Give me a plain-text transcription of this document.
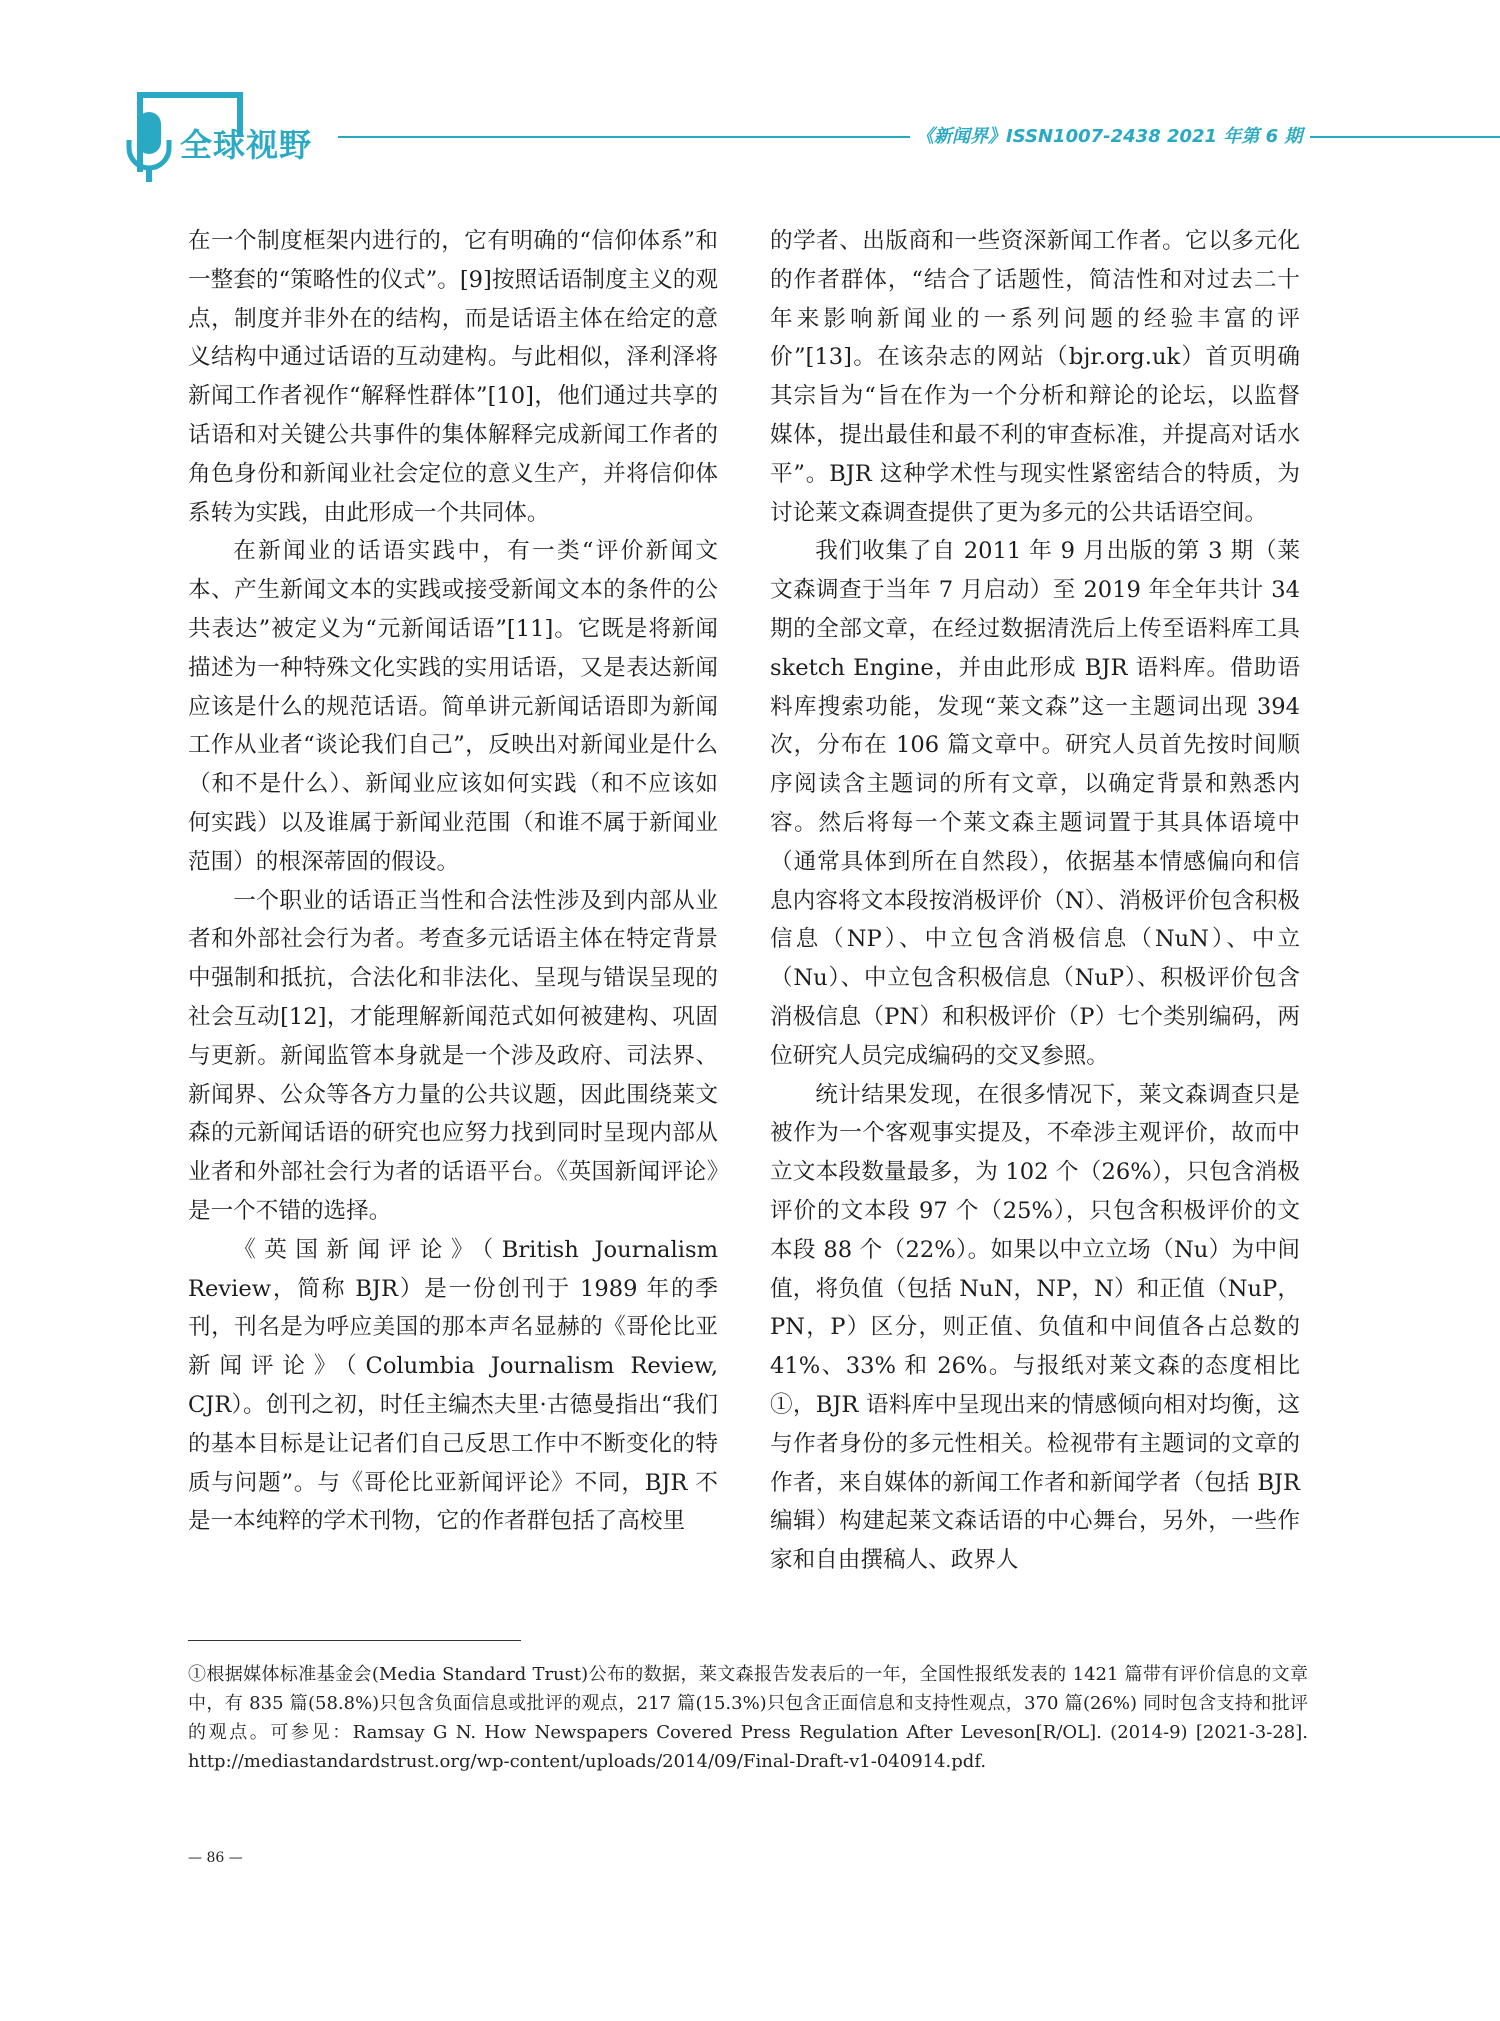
全球视野	《新闻界》ISSN1007-2438 2021 年第 6 期

在一个制度框架内进行的，它有明确的“信仰体系”和一整套的“策略性的仪式”。[9]按照话语制度主义的观点，制度并非外在的结构，而是话语主体在给定的意义结构中通过话语的互动建构。与此相似，泽利泽将新闻工作者视作“解释性群体”[10]，他们通过共享的话语和对关键公共事件的集体解释完成新闻工作者的角色身份和新闻业社会定位的意义生产，并将信仰体系转为实践，由此形成一个共同体。

在新闻业的话语实践中，有一类“评价新闻文本、产生新闻文本的实践或接受新闻文本的条件的公共表达”被定义为“元新闻话语”[11]。它既是将新闻描述为一种特殊文化实践的实用话语，又是表达新闻应该是什么的规范话语。简单讲元新闻话语即为新闻工作从业者“谈论我们自己”，反映出对新闻业是什么（和不是什么）、新闻业应该如何实践（和不应该如何实践）以及谁属于新闻业范围（和谁不属于新闻业范围）的根深蒂固的假设。

一个职业的话语正当性和合法性涉及到内部从业者和外部社会行为者。考查多元话语主体在特定背景中强制和抵抗，合法化和非法化、呈现与错误呈现的社会互动[12]，才能理解新闻范式如何被建构、巩固与更新。新闻监管本身就是一个涉及政府、司法界、新闻界、公众等各方力量的公共议题，因此围绕莱文森的元新闻话语的研究也应努力找到同时呈现内部从业者和外部社会行为者的话语平台。《英国新闻评论》是一个不错的选择。

《英国新闻评论》（British Journalism Review，简称 BJR）是一份创刊于 1989 年的季刊，刊名是为呼应美国的那本声名显赫的《哥伦比亚新闻评论》（Columbia Journalism Review, CJR）。创刊之初，时任主编杰夫里·古德曼指出“我们的基本目标是让记者们自己反思工作中不断变化的特质与问题”。与《哥伦比亚新闻评论》不同，BJR 不是一本纯粹的学术刊物，它的作者群包括了高校里

的学者、出版商和一些资深新闻工作者。它以多元化的作者群体，“结合了话题性，简洁性和对过去二十年来影响新闻业的一系列问题的经验丰富的评价”[13]。在该杂志的网站（bjr.org.uk）首页明确其宗旨为“旨在作为一个分析和辩论的论坛，以监督媒体，提出最佳和最不利的审查标准，并提高对话水平”。BJR 这种学术性与现实性紧密结合的特质，为讨论莱文森调查提供了更为多元的公共话语空间。

我们收集了自 2011 年 9 月出版的第 3 期（莱文森调查于当年 7 月启动）至 2019 年全年共计 34 期的全部文章，在经过数据清洗后上传至语料库工具 sketch Engine，并由此形成 BJR 语料库。借助语料库搜索功能，发现“莱文森”这一主题词出现 394 次，分布在 106 篇文章中。研究人员首先按时间顺序阅读含主题词的所有文章，以确定背景和熟悉内容。然后将每一个莱文森主题词置于其具体语境中（通常具体到所在自然段），依据基本情感偏向和信息内容将文本段按消极评价（N）、消极评价包含积极信息（NP）、中立包含消极信息（NuN）、中立（Nu）、中立包含积极信息（NuP）、积极评价包含消极信息（PN）和积极评价（P）七个类别编码，两位研究人员完成编码的交叉参照。

统计结果发现，在很多情况下，莱文森调查只是被作为一个客观事实提及，不牵涉主观评价，故而中立文本段数量最多，为 102 个（26%），只包含消极评价的文本段 97 个（25%），只包含积极评价的文本段 88 个（22%）。如果以中立立场（Nu）为中间值，将负值（包括 NuN，NP，N）和正值（NuP，PN，P）区分，则正值、负值和中间值各占总数的 41%、33% 和 26%。与报纸对莱文森的态度相比①，BJR 语料库中呈现出来的情感倾向相对均衡，这与作者身份的多元性相关。检视带有主题词的文章的作者，来自媒体的新闻工作者和新闻学者（包括 BJR 编辑）构建起莱文森话语的中心舞台，另外，一些作家和自由撰稿人、政界人

①根据媒体标准基金会(Media Standard Trust)公布的数据，莱文森报告发表后的一年，全国性报纸发表的 1421 篇带有评价信息的文章中，有 835 篇(58.8%)只包含负面信息或批评的观点，217 篇(15.3%)只包含正面信息和支持性观点，370 篇(26%) 同时包含支持和批评的观点。可参见：Ramsay G N. How Newspapers Covered Press Regulation After Leveson[R/OL]. (2014-9) [2021-3-28]. http://mediastandardstrust.org/wp-content/uploads/2014/09/Final-Draft-v1-040914.pdf.
— 86 —
